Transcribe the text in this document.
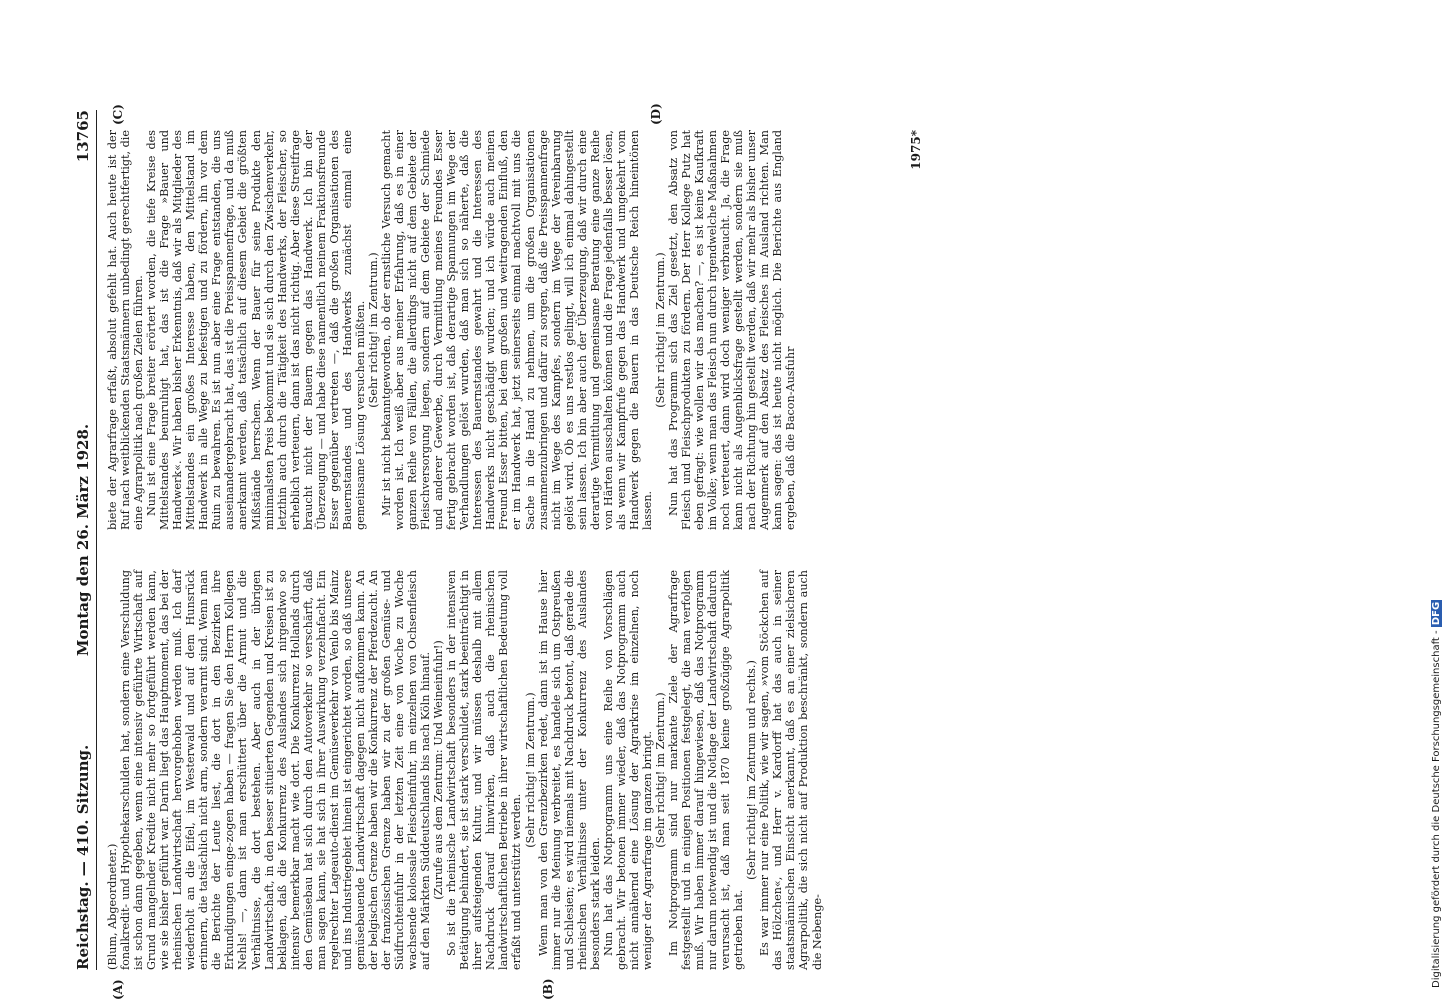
Reichstag. — 410. Sitzung.
Montag den 26. März 1928.
13765
(A)	(B)
(C)	(D)

(Blum, Abgeordneter.) fonalkredit- und Hypothekarschulden hat, sondern eine Verschuldung ist schon dann gegeben, wenn eine intensiv geführte Wirtschaft auf Grund mangelnder Kredite nicht mehr so fortgeführt werden kann, wie sie bisher geführt war. Darin liegt das Hauptmoment, das bei der rheinischen Landwirtschaft hervorgehoben werden muß. Ich darf wiederholt an die Eifel, im Westerwald und auf dem Hunsrück erinnern, die tatsächlich nicht arm, sondern verarmt sind. Wenn man die Berichte der Leute liest, die dort in den Bezirken ihre Erkundigungen einge-zogen haben — fragen Sie den Herrn Kollegen Nehls! —, dann ist man erschüttert über die Armut und die Verhältnisse, die dort bestehen. Aber auch in der übrigen Landwirtschaft, in den besser situierten Gegenden und Kreisen ist zu beklagen, daß die Konkurrenz des Auslandes sich nirgendwo so intensiv bemerkbar macht wie dort. Die Konkurrenz Hollands durch den Gemüsebau hat sich durch den Autoverkehr so verschärft, daß man sagen kann, sie hat sich in ihrer Auswirkung verzehnfacht. Ein regelrechter Lageauto-dienst im Gemüseverkehr von Venlo bis Mainz und ins Industriegebiet hinein ist eingerichtet worden, so daß unsere gemüsebauende Landwirtschaft dagegen nicht aufkommen kann. An der belgischen Grenze haben wir die Konkurrenz der Pferdezucht. An der französischen Grenze haben wir zu der großen Gemüse- und Südfruchteinfuhr in der letzten Zeit eine von Woche zu Woche wachsende kolossale Fleischeinfuhr, im einzelnen von Ochsenfleisch auf den Märkten Süddeutschlands bis nach Köln hinauf. (Zurufe aus dem Zentrum: Und Weineinfuhr!) So ist die rheinische Landwirtschaft besonders in der intensiven Betätigung behindert, sie ist stark verschuldet, stark beeinträchtigt in ihrer aufsteigenden Kultur, und wir müssen deshalb mit allem Nachdruck darauf hinwirken, daß auch die rheinischen landwirtschaftlichen Betriebe in ihrer wirtschaftlichen Bedeutung voll erfaßt und unterstützt werden.

(Sehr richtig! im Zentrum.) Wenn man von den Grenzbezirken redet, dann ist im Hause hier immer nur die Meinung verbreitet, es handele sich um Ostpreußen und Schlesien; es wird niemals mit Nachdruck betont, daß gerade die rheinischen Verhältnisse unter der Konkurrenz des Auslandes besonders stark leiden. Nun hat das Notprogramm uns eine Reihe von Vorschlägen gebracht. Wir betonen immer wieder, daß das Notprogramm auch nicht annähernd eine Lösung der Agrarkrise im einzelnen, noch weniger der Agrarfrage im ganzen bringt. (Sehr richtig! im Zentrum.) Im Notprogramm sind nur markante Ziele der Agrarfrage festgestellt und in einigen Positionen festgelegt, die man verfolgen muß. Wir haben immer darauf hingewiesen, daß das Notprogramm nur darum notwendig ist und die Notlage der Landwirtschaft dadurch verursacht ist, daß man seit 1870 keine großzügige Agrarpolitik getrieben hat.

(Sehr richtig! im Zentrum und rechts.) Es war immer nur eine Politik, wie wir sagen, »vom Stöckchen auf das Hölzchen«, und Herr v. Kardorff hat das auch in seiner staatsmännischen Einsicht anerkannt, daß es an einer zielsicheren Agrarpolitik, die sich nicht auf Produktion beschränkt, sondern auch die Nebenge-

biete der Agrarfrage erfaßt, absolut gefehlt hat. Auch heute ist der Ruf nach weitblickenden Staatsmännern unbedingt gerechtfertigt, die eine Agrarpolitik nach großen Zielen führen. Nun ist eine Frage breiter erörtert worden, die tiefe Kreise des Mittelstandes beunruhigt hat, das ist die Frage »Bauer und Handwerk«. Wir haben bisher Erkenntnis, daß wir als Mitglieder des Mittelstandes ein großes Interesse haben, den Mittelstand im Handwerk in alle Wege zu befestigen und zu fördern, ihn vor dem Ruin zu bewahren. Es ist nun aber eine Frage entstanden, die uns auseinandergebracht hat, das ist die Preisspannenfrage, und da muß anerkannt werden, daß tatsächlich auf diesem Gebiet die größten Mißstände herrschen. Wenn der Bauer für seine Produkte den minimalsten Preis bekommt und sie sich durch den Zwischenverkehr, letzthin auch durch die Tätigkeit des Handwerks, der Fleischer, so erheblich verteuern, dann ist das nicht richtig. Aber diese Streitfrage braucht nicht der Bauern gegen das Handwerk. Ich bin der Überzeugung — und habe diese namentlich meinem Fraktionsfreunde Esser gegenüber vertreten —, daß die großen Organisationen des Bauernstandes und des Handwerks zunächst einmal eine gemeinsame Lösung versuchen müßten. (Sehr richtig! im Zentrum.) Mir ist nicht bekanntgeworden, ob der ernstliche Versuch gemacht worden ist. Ich weiß aber aus meiner Erfahrung, daß es in einer ganzen Reihe von Fällen, die allerdings nicht auf dem Gebiete der Fleischversorgung liegen, sondern auf dem Gebiete der Schmiede und anderer Gewerbe, durch Vermittlung meines Freundes Esser fertig gebracht worden ist, daß derartige Spannungen im Wege der Verhandlungen gelöst wurden, daß man sich so näherte, daß die Interessen des Bauernstandes gewahrt und die Interessen des Handwerks nicht geschädigt wurden; und ich würde auch meinen Freund Esser bitten, bei dem großen und weitragenden Einfluß, den er im Handwerk hat, jetzt seinerseits einmal machtvoll mit uns die Sache in die Hand zu nehmen, um die großen Organisationen zusammenzubringen und dafür zu sorgen, daß die Preisspannenfrage nicht im Wege des Kampfes, sondern im Wege der Vereinbarung gelöst wird. Ob es uns restlos gelingt, will ich einmal dahingestellt sein lassen. Ich bin aber auch der Überzeugung, daß wir durch eine derartige Vermittlung und gemeinsame Beratung eine ganze Reihe von Härten ausschalten können und die Frage jedenfalls besser lösen, als wenn wir Kampfrufe gegen das Handwerk und umgekehrt vom Handwerk gegen die Bauern in das Deutsche Reich hineintönen lassen.

(Sehr richtig! im Zentrum.) Nun hat das Programm sich das Ziel gesetzt, den Absatz von Fleisch und Fleischprodukten zu fördern. Der Herr Kollege Putz hat eben gefragt: wie wollen wir das machen? —, es ist keine Kaufkraft im Volke; wenn man das Fleisch nun durch irgendwelche Maßnahmen noch verteuert, dann wird doch weniger verbraucht. Ja, die Frage kann nicht als Augenblicksfrage gestellt werden, sondern sie muß nach der Richtung hin gestellt werden, daß wir mehr als bisher unser Augenmerk auf den Absatz des Fleisches im Ausland richten. Man kann sagen: das ist heute nicht möglich. Die Berichte aus England ergeben, daß die Bacon-Ausfuhr

1975*
Digitalisierung gefördert durch die Deutsche Forschungsgemeinschaft - DFG
